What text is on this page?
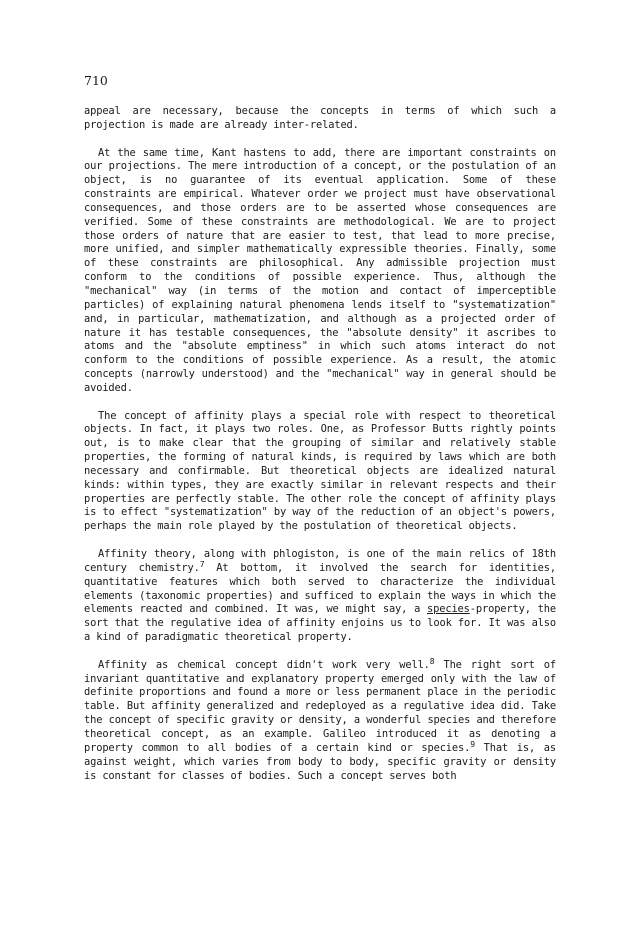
710

appeal are necessary, because the concepts in terms of which such a projection is made are already inter-related.

At the same time, Kant hastens to add, there are important constraints on our projections. The mere introduction of a concept, or the postulation of an object, is no guarantee of its eventual application. Some of these constraints are empirical. Whatever order we project must have observational consequences, and those orders are to be asserted whose consequences are verified. Some of these constraints are methodological. We are to project those orders of nature that are easier to test, that lead to more precise, more unified, and simpler mathematically expressible theories. Finally, some of these constraints are philosophical. Any admissible projection must conform to the conditions of possible experience. Thus, although the "mechanical" way (in terms of the motion and contact of imperceptible particles) of explaining natural phenomena lends itself to "systematization" and, in particular, mathematization, and although as a projected order of nature it has testable consequences, the "absolute density" it ascribes to atoms and the "absolute emptiness" in which such atoms interact do not conform to the conditions of possible experience. As a result, the atomic concepts (narrowly understood) and the "mechanical" way in general should be avoided.

The concept of affinity plays a special role with respect to theoretical objects. In fact, it plays two roles. One, as Professor Butts rightly points out, is to make clear that the grouping of similar and relatively stable properties, the forming of natural kinds, is required by laws which are both necessary and confirmable. But theoretical objects are idealized natural kinds: within types, they are exactly similar in relevant respects and their properties are perfectly stable. The other role the concept of affinity plays is to effect "systematization" by way of the reduction of an object's powers, perhaps the main role played by the postulation of theoretical objects.

Affinity theory, along with phlogiston, is one of the main relics of 18th century chemistry.$^7$ At bottom, it involved the search for identities, quantitative features which both served to characterize the individual elements (taxonomic properties) and sufficed to explain the ways in which the elements reacted and combined. It was, we might say, a species-property, the sort that the regulative idea of affinity enjoins us to look for. It was also a kind of paradigmatic theoretical property.

Affinity as chemical concept didn't work very well.$^8$ The right sort of invariant quantitative and explanatory property emerged only with the law of definite proportions and found a more or less permanent place in the periodic table. But affinity generalized and redeployed as a regulative idea did. Take the concept of specific gravity or density, a wonderful species and therefore theoretical concept, as an example. Galileo introduced it as denoting a property common to all bodies of a certain kind or species.$^9$ That is, as against weight, which varies from body to body, specific gravity or density is constant for classes of bodies. Such a concept serves both
